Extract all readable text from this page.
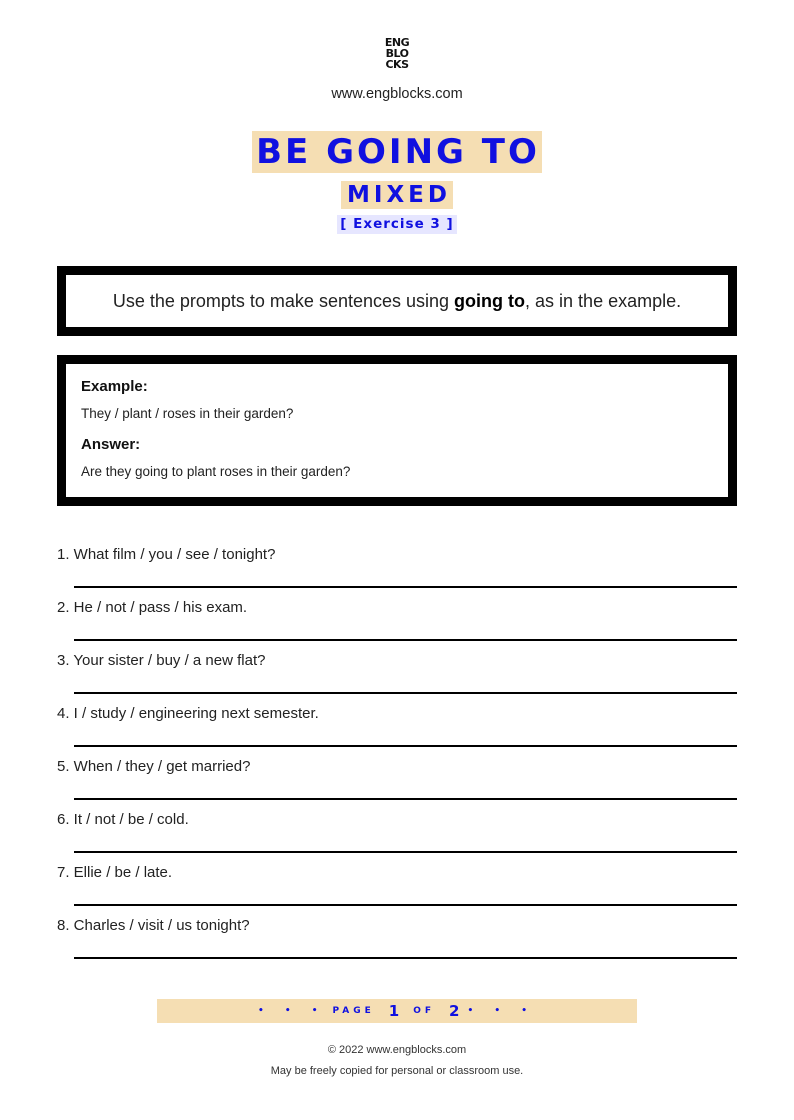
ENG
BLO
CKS
www.engblocks.com
BE GOING TO
MIXED
[ Exercise 3 ]
Use the prompts to make sentences using going to, as in the example.

Example:

They / plant / roses in their garden?

Answer:

Are they going to plant roses in their garden?

1. What film / you / see / tonight?
2. He / not / pass / his exam.
3. Your sister / buy / a new flat?
4. I / study / engineering next semester.
5. When / they / get married?
6. It / not / be / cold.
7. Ellie / be / late.
8. Charles / visit / us tonight?
• • • PAGE 1 OF 2 • • •
© 2022 www.engblocks.com
May be freely copied for personal or classroom use.
